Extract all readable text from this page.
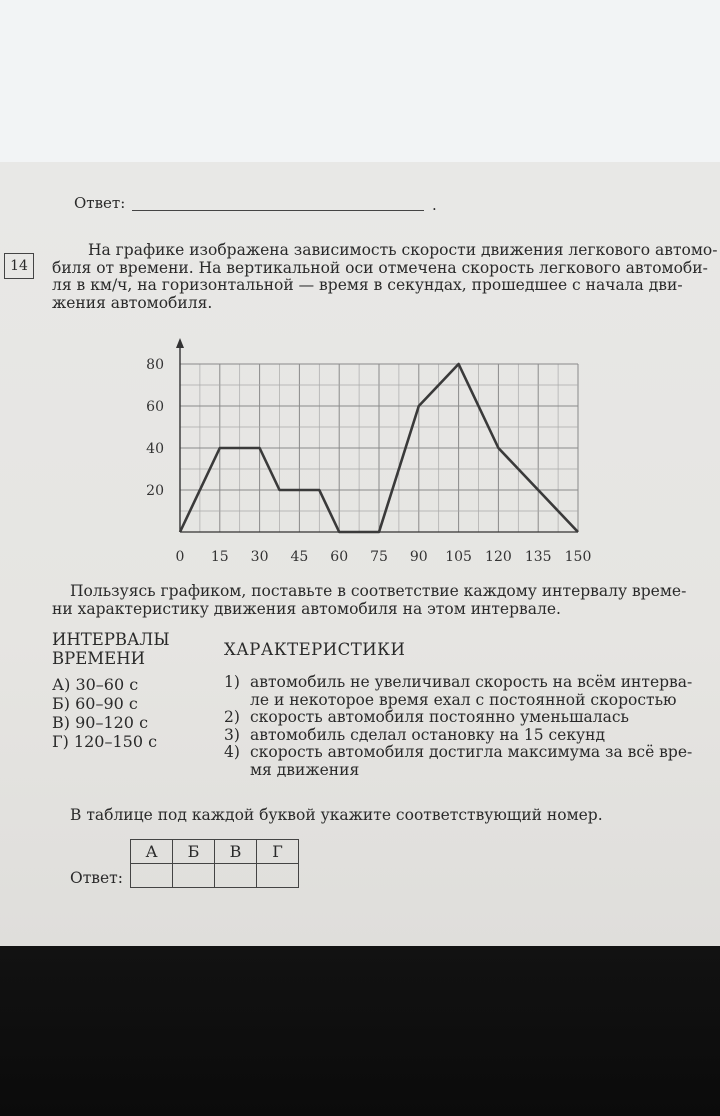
Ответ:	.
14
На графике изображена зависимость скорости движения легкового автомо-
биля от времени. На вертикальной оси отмечена скорость легкового автомоби-
ля в км/ч, на горизонтальной — время в секундах, прошедшее с начала дви-
жения автомобиля.
0 15 30 45 60 75 90 105 120 135 150
20
40
60
80
Пользуясь графиком, поставьте в соответствие каждому интервалу време-
ни характеристику движения автомобиля на этом интервале.
ИНТЕРВАЛЫ
ВРЕМЕНИ
А) 30–60 с
Б) 60–90 с
В) 90–120 с
Г) 120–150 с
ХАРАКТЕРИСТИКИ
1) автомобиль не увеличивал скорость на всём интерва-
ле и некоторое время ехал с постоянной скоростью
2) скорость автомобиля постоянно уменьшалась
3) автомобиль сделал остановку на 15 секунд
4) скорость автомобиля достигла максимума за всё вре-
мя движения
В таблице под каждой буквой укажите соответствующий номер.
Ответ:
А	Б	В	Г
